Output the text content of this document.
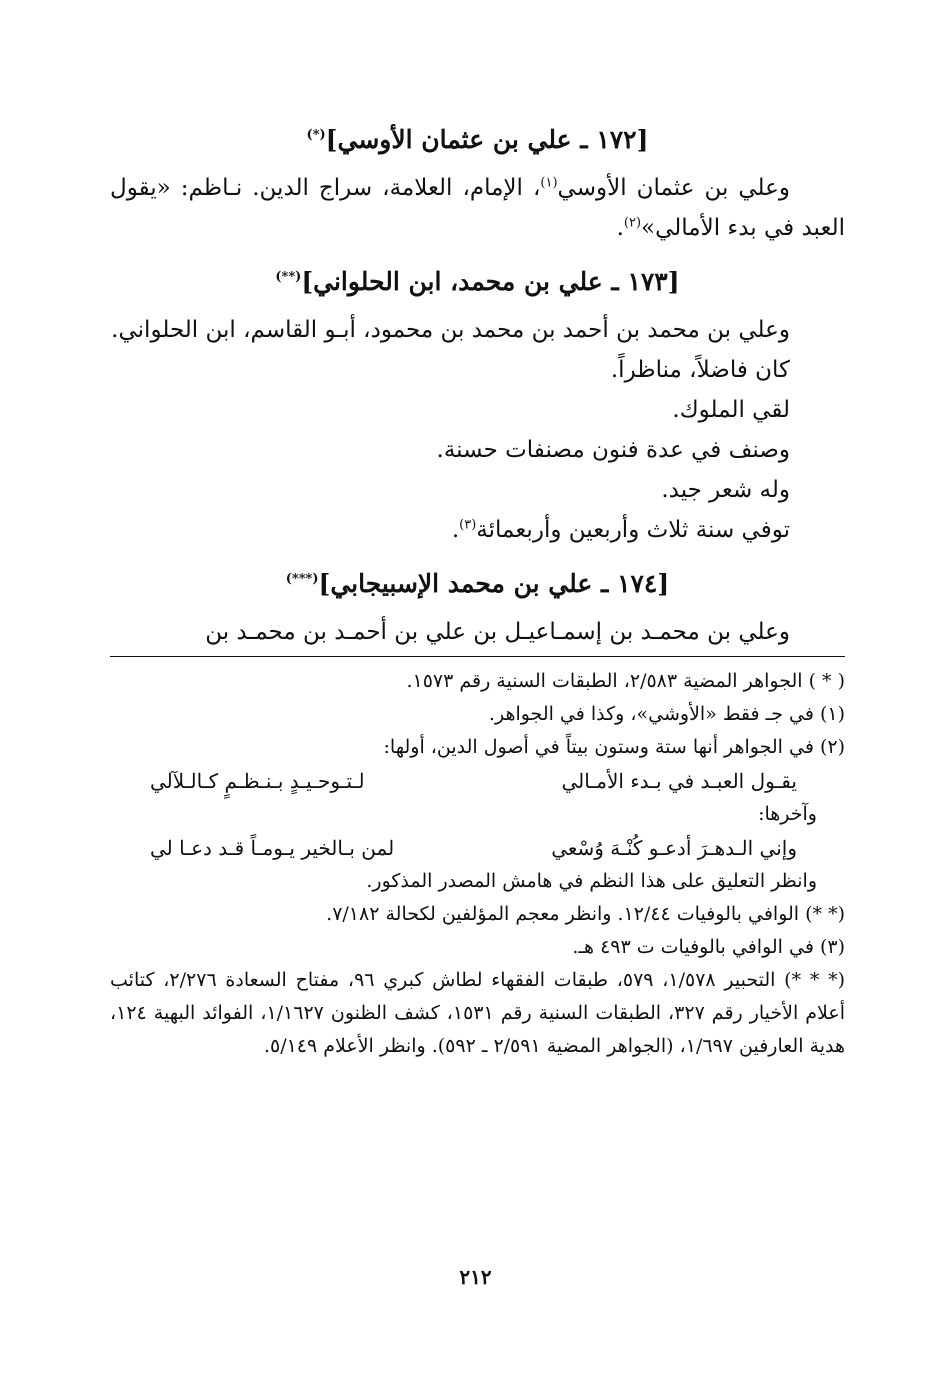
[١٧٢ ـ علي بن عثمان الأوسي](*)

وعلي بن عثمان الأوسي$^{(١)}$، الإمام، العلامة، سراج الدين. نـاظم: «يقول العبد في بدء الأمالي»$^{(٢)}$.

[١٧٣ ـ علي بن محمد، ابن الحلواني](**)

وعلي بن محمد بن أحمد بن محمد بن محمود، أبـو القاسم، ابن الحلواني.

كان فاضلاً، مناظراً.

لقي الملوك.

وصنف في عدة فنون مصنفات حسنة.

وله شعر جيد.

توفي سنة ثلاث وأربعين وأربعمائة$^{(٣)}$.

[١٧٤ ـ علي بن محمد الإسبيجابي](***)

وعلي بن محمـد بن إسمـاعيـل بن علي بن أحمـد بن محمـد بن

( * ) الجواهر المضية ٢/٥٨٣، الطبقات السنية رقم ١٥٧٣.

(١) في جـ فقط «الأوشي»، وكذا في الجواهر.

(٢) في الجواهر أنها ستة وستون بيتاً في أصول الدين، أولها:

يقـول العبـد في بـدء الأمـالي
لـتـوحـيـدٍ بـنـظـمٍ كـالـلآلي

وآخرها:

وإني الـدهـرَ أدعـو كُنْـهَ وُسْعي
لمن بـالخير يـومـاً قـد دعـا لي

وانظر التعليق على هذا النظم في هامش المصدر المذكور.

(* *) الوافي بالوفيات ١٢/٤٤. وانظر معجم المؤلفين لكحالة ٧/١٨٢.

(٣) في الوافي بالوفيات ت ٤٩٣ هـ.

(* * *) التحبير ١/٥٧٨، ٥٧٩، طبقات الفقهاء لطاش كبري ٩٦، مفتاح السعادة ٢/٢٧٦، كتائب أعلام الأخيار رقم ٣٢٧، الطبقات السنية رقم ١٥٣١، كشف الظنون ١/١٦٢٧، الفوائد البهية ١٢٤، هدية العارفين ١/٦٩٧، (الجواهر المضية ٢/٥٩١ ـ ٥٩٢). وانظر الأعلام ٥/١٤٩.

٢١٢
